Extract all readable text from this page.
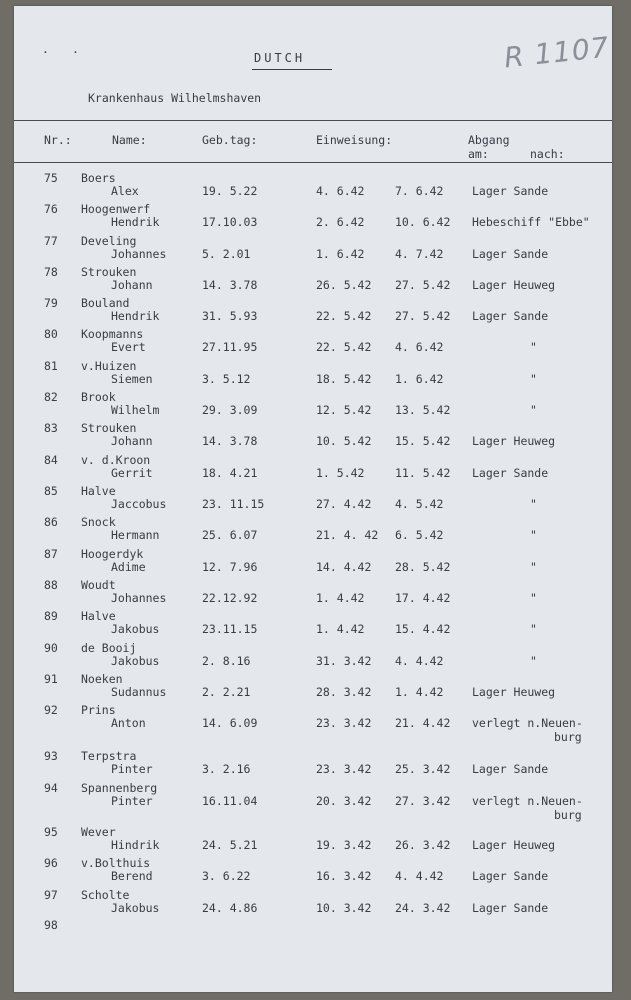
R 1107
· ·	DUTCH
Krankenhaus Wilhelmshaven
Nr.:	Name:	Geb.tag:	Einweisung:	Abgang
am:	nach:
75 Boers
Alex	19. 5.22	4. 6.42	7. 6.42 Lager Sande
76 Hoogenwerf
Hendrik	17.10.03	2. 6.42	10. 6.42 Hebeschiff "Ebbe"
77 Develing
Johannes	5. 2.01	1. 6.42	4. 7.42 Lager Sande
78 Strouken
Johann	14. 3.78	26. 5.42 27. 5.42 Lager Heuweg
79 Bouland
Hendrik	31. 5.93	22. 5.42 27. 5.42 Lager Sande
80 Koopmanns
Evert	27.11.95	22. 5.42 4. 6.42	"
81 v.Huizen
Siemen	3. 5.12	18. 5.42 1. 6.42	"
82 Brook
Wilhelm	29. 3.09	12. 5.42 13. 5.42	"
83 Strouken
Johann	14. 3.78	10. 5.42 15. 5.42 Lager Heuweg
84 v. d.Kroon
Gerrit	18. 4.21	1. 5.42	11. 5.42 Lager Sande
85 Halve
Jaccobus	23. 11.15	27. 4.42 4. 5.42	"
86 Snock
Hermann	25. 6.07	21. 4. 42 6. 5.42	"
87 Hoogerdyk
Adime	12. 7.96	14. 4.42 28. 5.42	"
88 Woudt
Johannes	22.12.92	1. 4.42	17. 4.42	"
89 Halve
Jakobus	23.11.15	1. 4.42	15. 4.42	"
90 de Booij
Jakobus	2. 8.16	31. 3.42 4. 4.42	"
91 Noeken
Sudannus	2. 2.21	28. 3.42 1. 4.42 Lager Heuweg
92 Prins
Anton	14. 6.09	23. 3.42 21. 4.42 verlegt n.Neuen-
burg
93 Terpstra
Pinter	3. 2.16	23. 3.42 25. 3.42 Lager Sande
94 Spannenberg
Pinter	16.11.04	20. 3.42 27. 3.42 verlegt n.Neuen-
burg
95 Wever
Hindrik	24. 5.21	19. 3.42 26. 3.42 Lager Heuweg
96 v.Bolthuis
Berend	3. 6.22	16. 3.42 4. 4.42 Lager Sande
97 Scholte
Jakobus	24. 4.86	10. 3.42 24. 3.42 Lager Sande
98
